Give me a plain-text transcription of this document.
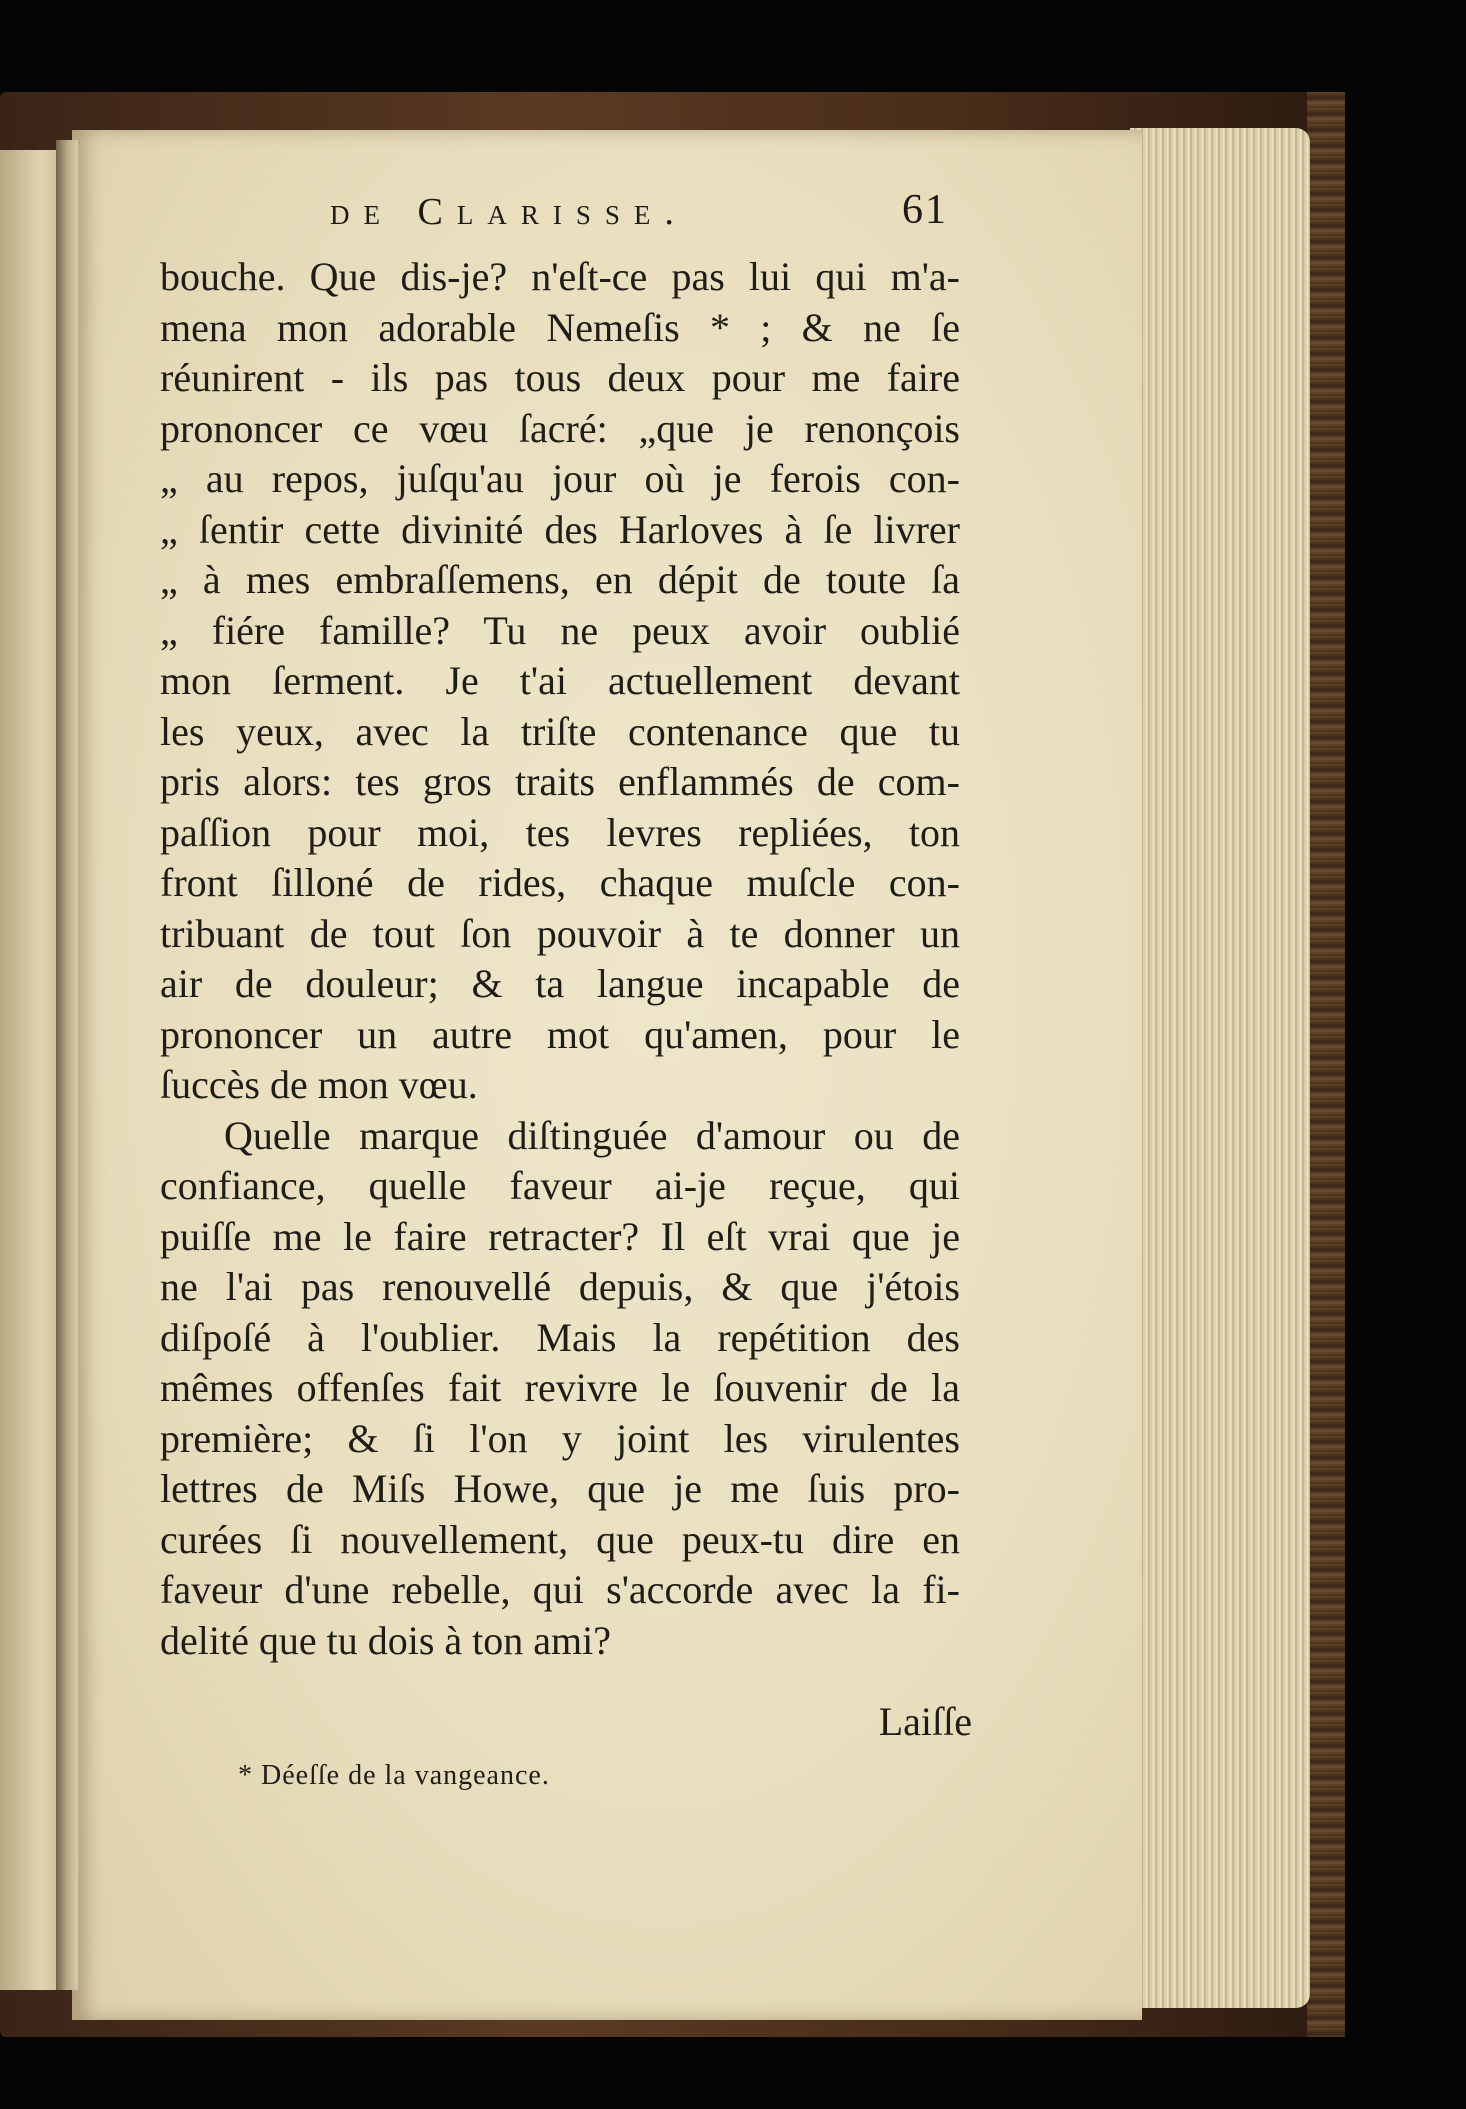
de Clarisse.	61
bouche. Que dis-je? n'eſt-ce pas lui qui m'a-
mena mon adorable Nemeſis * ; & ne ſe
réunirent - ils pas tous deux pour me faire
prononcer ce vœu ſacré: „que je renonçois
„ au repos, juſqu'au jour où je ferois con-
„ ſentir cette divinité des Harloves à ſe livrer
„ à mes embraſſemens, en dépit de toute ſa
„ fiére famille? Tu ne peux avoir oublié
mon ſerment. Je t'ai actuellement devant
les yeux, avec la triſte contenance que tu
pris alors: tes gros traits enflammés de com-
paſſion pour moi, tes levres repliées, ton
front ſilloné de rides, chaque muſcle con-
tribuant de tout ſon pouvoir à te donner un
air de douleur; & ta langue incapable de
prononcer un autre mot qu'amen, pour le
ſuccès de mon vœu.
Quelle marque diſtinguée d'amour ou de
confiance, quelle faveur ai-je reçue, qui
puiſſe me le faire retracter? Il eſt vrai que je
ne l'ai pas renouvellé depuis, & que j'étois
diſpoſé à l'oublier. Mais la repétition des
mêmes offenſes fait revivre le ſouvenir de la
première; & ſi l'on y joint les virulentes
lettres de Miſs Howe, que je me ſuis pro-
curées ſi nouvellement, que peux-tu dire en
faveur d'une rebelle, qui s'accorde avec la fi-
delité que tu dois à ton ami?
Laiſſe
* Déeſſe de la vangeance.
